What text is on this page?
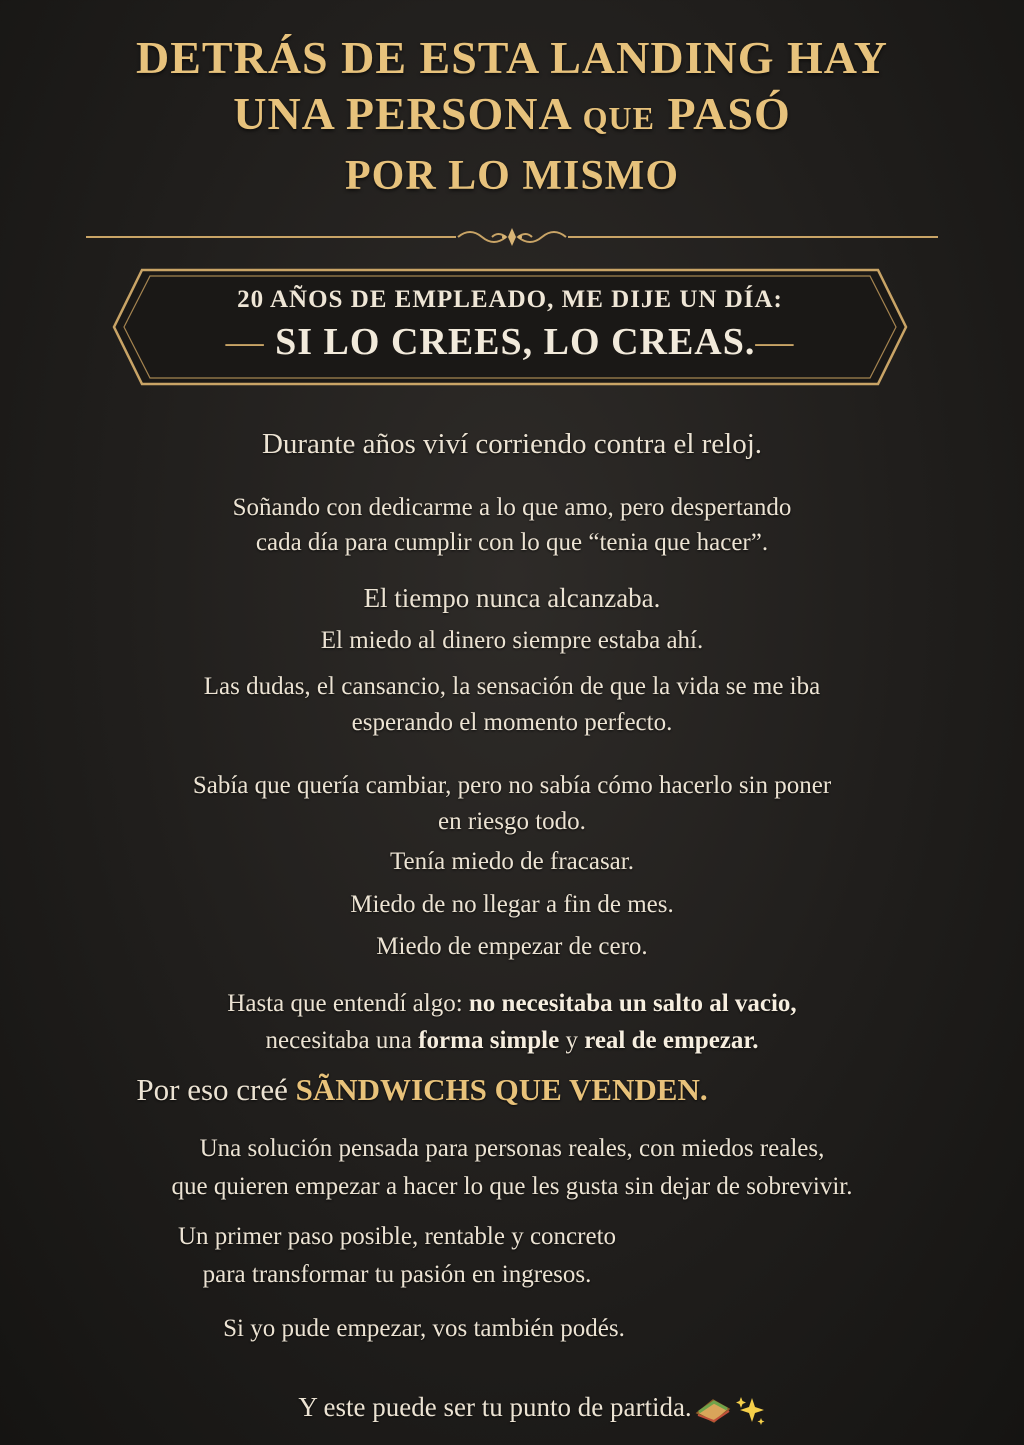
DETRÁS DE ESTA LANDING HAY
UNA PERSONA QUE PASÓ
POR LO MISMO
20 AÑOS DE EMPLEADO, ME DIJE UN DÍA:
— SI LO CREES, LO CREAS.—
Durante años viví corriendo contra el reloj.
Soñando con dedicarme a lo que amo, pero despertando
cada día para cumplir con lo que “tenia que hacer”.
El tiempo nunca alcanzaba.
El miedo al dinero siempre estaba ahí.
Las dudas, el cansancio, la sensación de que la vida se me iba
esperando el momento perfecto.
Sabía que quería cambiar, pero no sabía cómo hacerlo sin poner
en riesgo todo.
Tenía miedo de fracasar.
Miedo de no llegar a fin de mes.
Miedo de empezar de cero.
Hasta que entendí algo: no necesitaba un salto al vacio,
necesitaba una forma simple y real de empezar.
Por eso creé SÃNDWICHS QUE VENDEN.
Una solución pensada para personas reales, con miedos reales,
que quieren empezar a hacer lo que les gusta sin dejar de sobrevivir.
Un primer paso posible, rentable y concreto
para transformar tu pasión en ingresos.
Si yo pude empezar, vos también podés.
Y este puede ser tu punto de partida.
